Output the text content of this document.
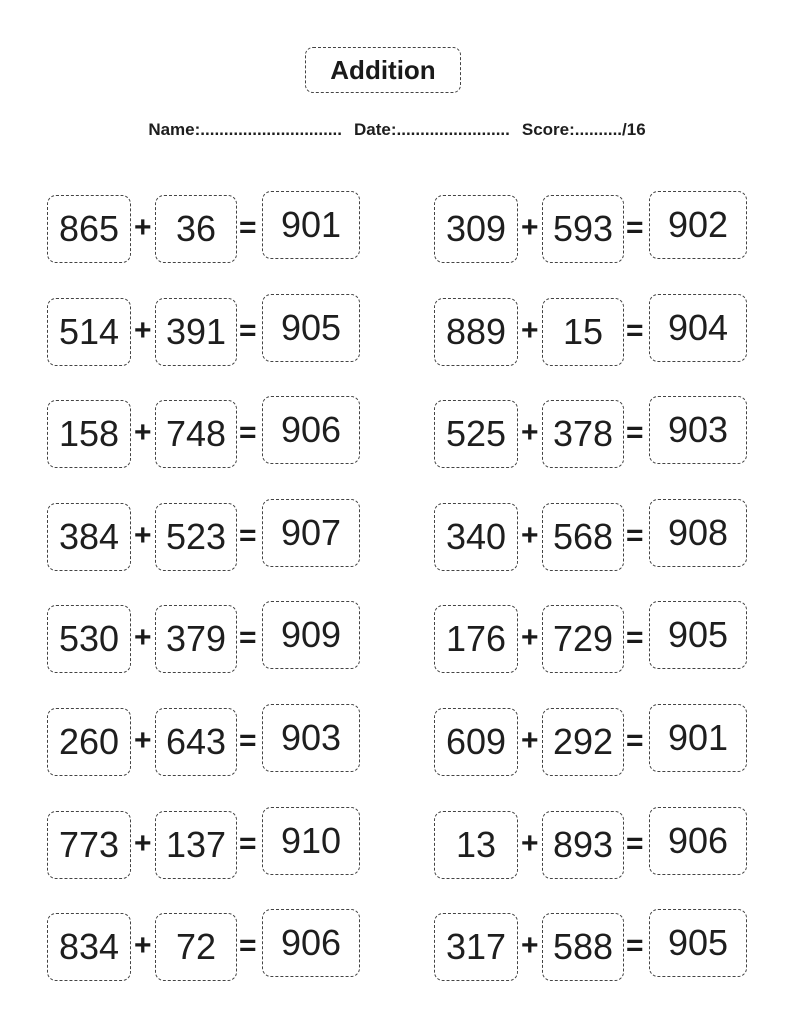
Addition
Name:.............................. Date:........................ Score:........../16
865 + 36 = 901
514 + 391 = 905
158 + 748 = 906
384 + 523 = 907
530 + 379 = 909
260 + 643 = 903
773 + 137 = 910
834 + 72 = 906
309 + 593 = 902
889 + 15 = 904
525 + 378 = 903
340 + 568 = 908
176 + 729 = 905
609 + 292 = 901
13 + 893 = 906
317 + 588 = 905
